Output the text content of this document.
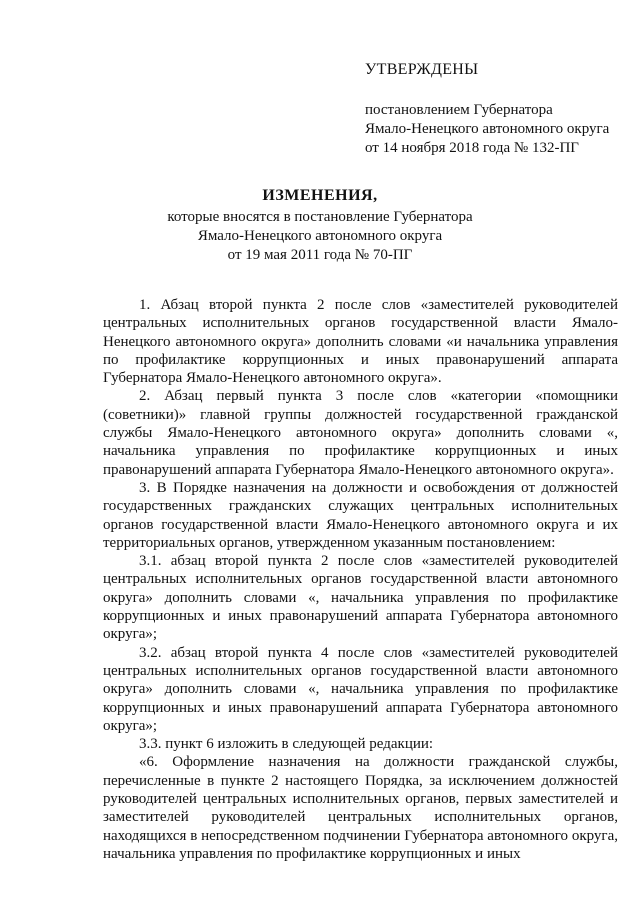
УТВЕРЖДЕНЫ
постановлением Губернатора
Ямало-Ненецкого автономного округа
от 14 ноября 2018 года № 132-ПГ
ИЗМЕНЕНИЯ,
которые вносятся в постановление Губернатора
Ямало-Ненецкого автономного округа
от 19 мая 2011 года № 70-ПГ

1. Абзац второй пункта 2 после слов «заместителей руководителей центральных исполнительных органов государственной власти Ямало-Ненецкого автономного округа» дополнить словами «и начальника управления по профилактике коррупционных и иных правонарушений аппарата Губернатора Ямало-Ненецкого автономного округа».

2. Абзац первый пункта 3 после слов «категории «помощники (советники)» главной группы должностей государственной гражданской службы Ямало-Ненецкого автономного округа» дополнить словами «, начальника управления по профилактике коррупционных и иных правонарушений аппарата Губернатора Ямало-Ненецкого автономного округа».

3. В Порядке назначения на должности и освобождения от должностей государственных гражданских служащих центральных исполнительных органов государственной власти Ямало-Ненецкого автономного округа и их территориальных органов, утвержденном указанным постановлением:

3.1. абзац второй пункта 2 после слов «заместителей руководителей центральных исполнительных органов государственной власти автономного округа» дополнить словами «, начальника управления по профилактике коррупционных и иных правонарушений аппарата Губернатора автономного округа»;

3.2. абзац второй пункта 4 после слов «заместителей руководителей центральных исполнительных органов государственной власти автономного округа» дополнить словами «, начальника управления по профилактике коррупционных и иных правонарушений аппарата Губернатора автономного округа»;

3.3. пункт 6 изложить в следующей редакции:

«6. Оформление назначения на должности гражданской службы, перечисленные в пункте 2 настоящего Порядка, за исключением должностей руководителей центральных исполнительных органов, первых заместителей и заместителей руководителей центральных исполнительных органов, находящихся в непосредственном подчинении Губернатора автономного округа, начальника управления по профилактике коррупционных и иных
